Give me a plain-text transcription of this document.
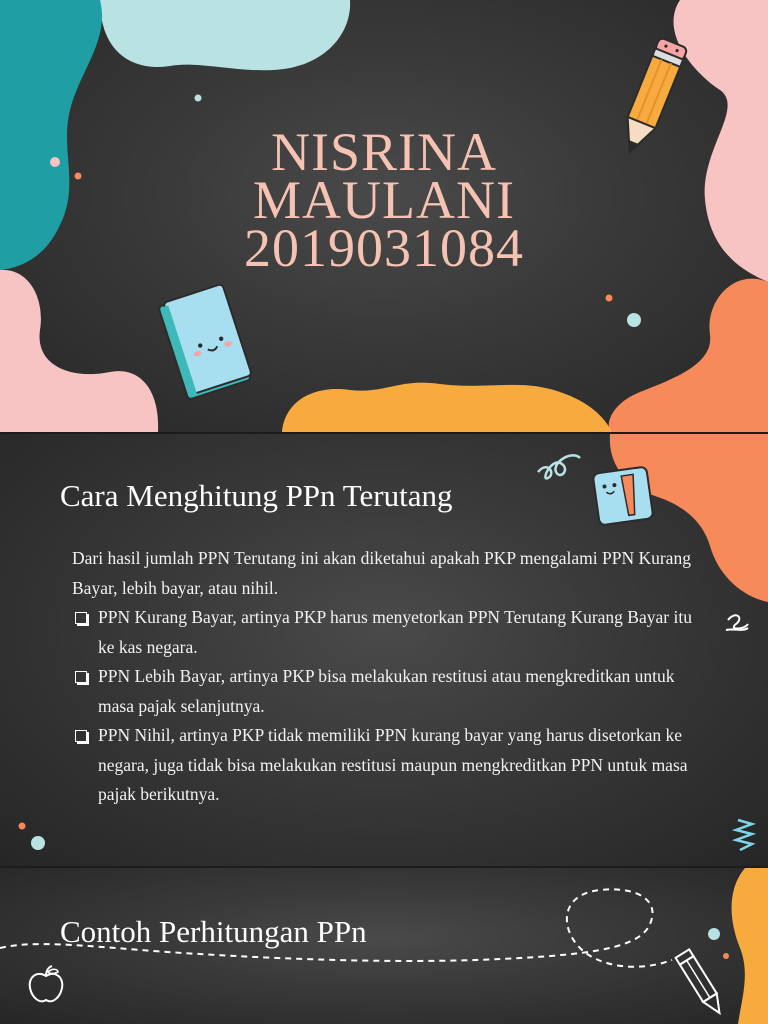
NISRINA
MAULANI
2019031084
Cara Menghitung PPn Terutang

Dari hasil jumlah PPN Terutang ini akan diketahui apakah PKP mengalami PPN Kurang Bayar, lebih bayar, atau nihil.

PPN Kurang Bayar, artinya PKP harus menyetorkan PPN Terutang Kurang Bayar itu ke kas negara.
PPN Lebih Bayar, artinya PKP bisa melakukan restitusi atau mengkreditkan untuk masa pajak selanjutnya.
PPN Nihil, artinya PKP tidak memiliki PPN kurang bayar yang harus disetorkan ke negara, juga tidak bisa melakukan restitusi maupun mengkreditkan PPN untuk masa pajak berikutnya.
Contoh Perhitungan PPn
